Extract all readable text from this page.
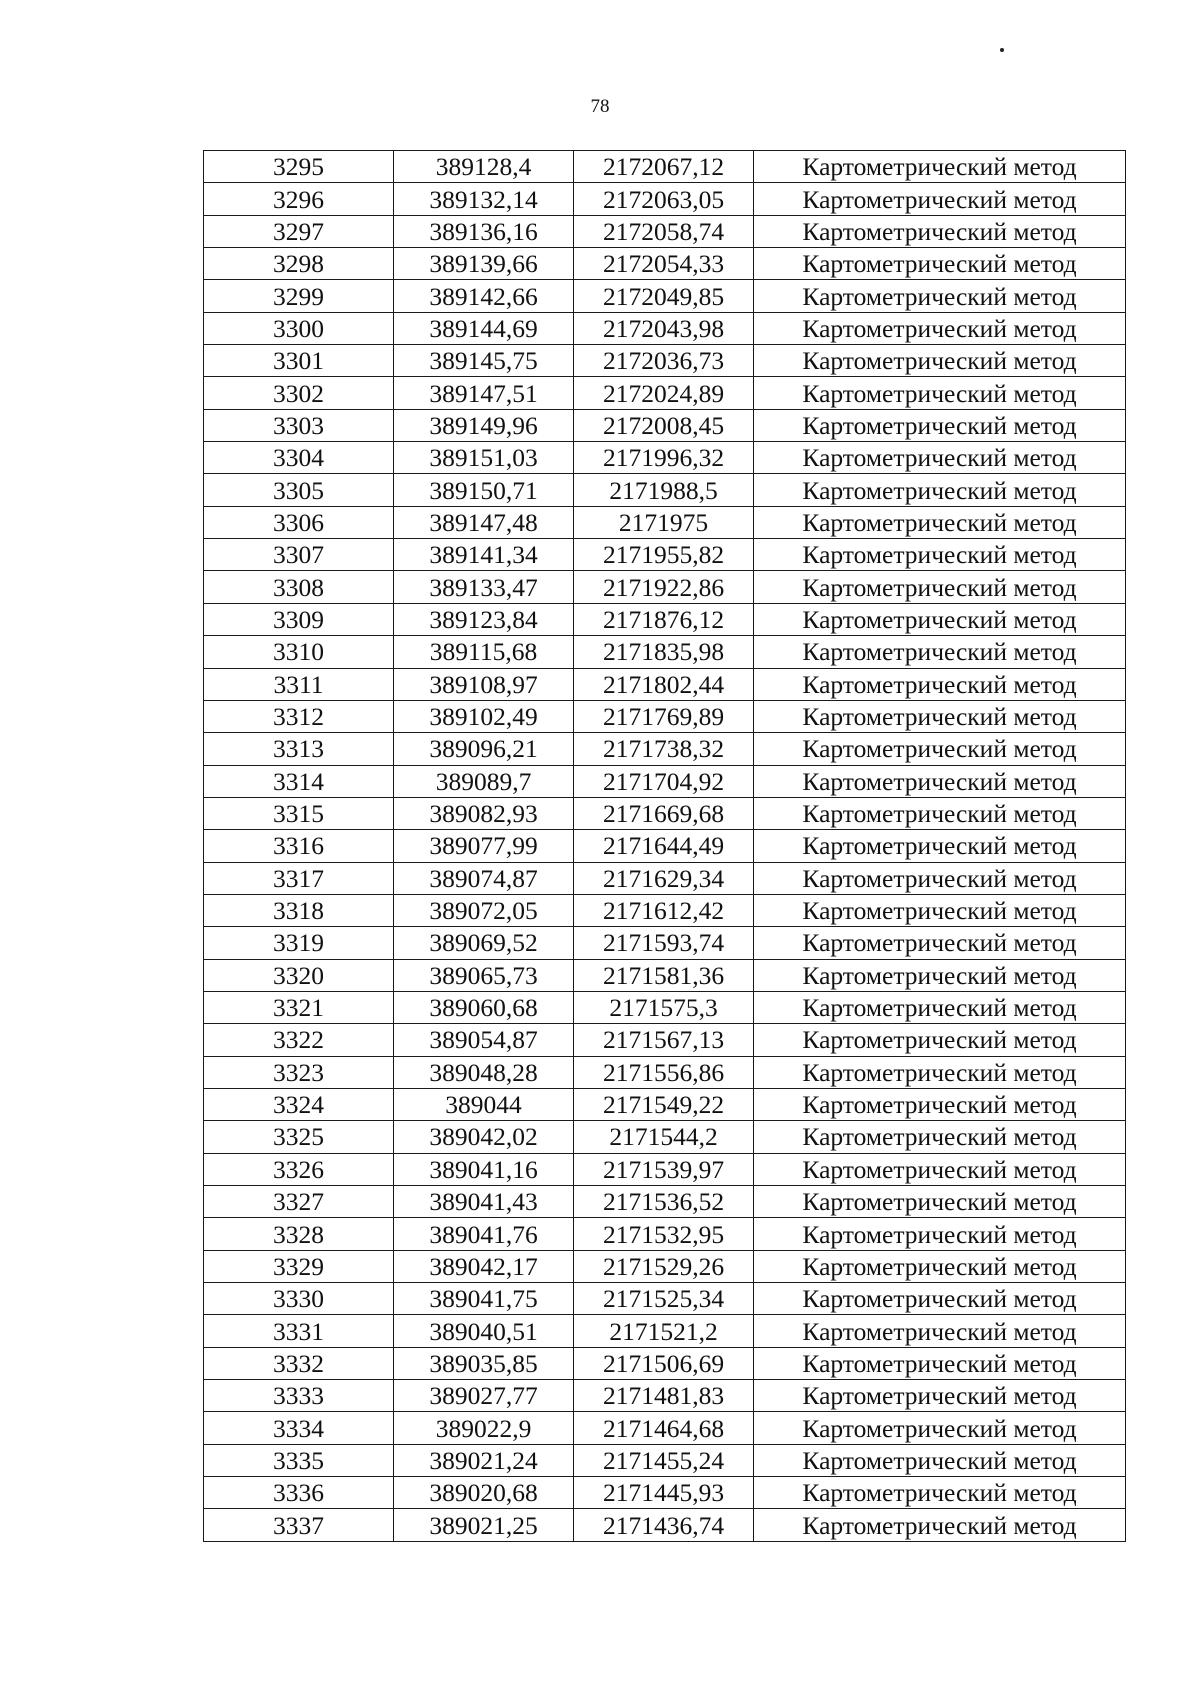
78
3295	389128,4	2172067,12	Картометрический метод
3296	389132,14	2172063,05	Картометрический метод
3297	389136,16	2172058,74	Картометрический метод
3298	389139,66	2172054,33	Картометрический метод
3299	389142,66	2172049,85	Картометрический метод
3300	389144,69	2172043,98	Картометрический метод
3301	389145,75	2172036,73	Картометрический метод
3302	389147,51	2172024,89	Картометрический метод
3303	389149,96	2172008,45	Картометрический метод
3304	389151,03	2171996,32	Картометрический метод
3305	389150,71	2171988,5	Картометрический метод
3306	389147,48	2171975	Картометрический метод
3307	389141,34	2171955,82	Картометрический метод
3308	389133,47	2171922,86	Картометрический метод
3309	389123,84	2171876,12	Картометрический метод
3310	389115,68	2171835,98	Картометрический метод
3311	389108,97	2171802,44	Картометрический метод
3312	389102,49	2171769,89	Картометрический метод
3313	389096,21	2171738,32	Картометрический метод
3314	389089,7	2171704,92	Картометрический метод
3315	389082,93	2171669,68	Картометрический метод
3316	389077,99	2171644,49	Картометрический метод
3317	389074,87	2171629,34	Картометрический метод
3318	389072,05	2171612,42	Картометрический метод
3319	389069,52	2171593,74	Картометрический метод
3320	389065,73	2171581,36	Картометрический метод
3321	389060,68	2171575,3	Картометрический метод
3322	389054,87	2171567,13	Картометрический метод
3323	389048,28	2171556,86	Картометрический метод
3324	389044	2171549,22	Картометрический метод
3325	389042,02	2171544,2	Картометрический метод
3326	389041,16	2171539,97	Картометрический метод
3327	389041,43	2171536,52	Картометрический метод
3328	389041,76	2171532,95	Картометрический метод
3329	389042,17	2171529,26	Картометрический метод
3330	389041,75	2171525,34	Картометрический метод
3331	389040,51	2171521,2	Картометрический метод
3332	389035,85	2171506,69	Картометрический метод
3333	389027,77	2171481,83	Картометрический метод
3334	389022,9	2171464,68	Картометрический метод
3335	389021,24	2171455,24	Картометрический метод
3336	389020,68	2171445,93	Картометрический метод
3337	389021,25	2171436,74	Картометрический метод
